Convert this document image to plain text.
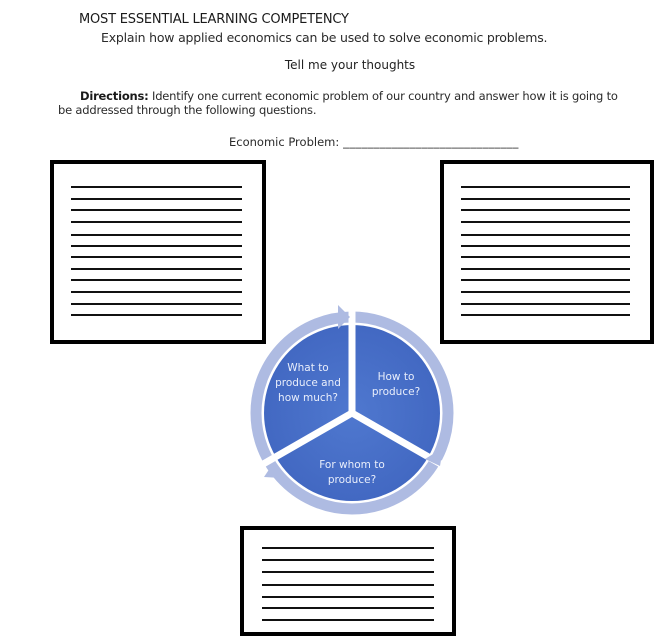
MOST ESSENTIAL LEARNING COMPETENCY
Explain how applied economics can be used to solve economic problems.
Tell me your thoughts
Directions: Identify one current economic problem of our country and answer how it is going to
be addressed through the following questions.
Economic Problem: _____________________________
What to
produce and
how much?
How to
produce?
For whom to
produce?
